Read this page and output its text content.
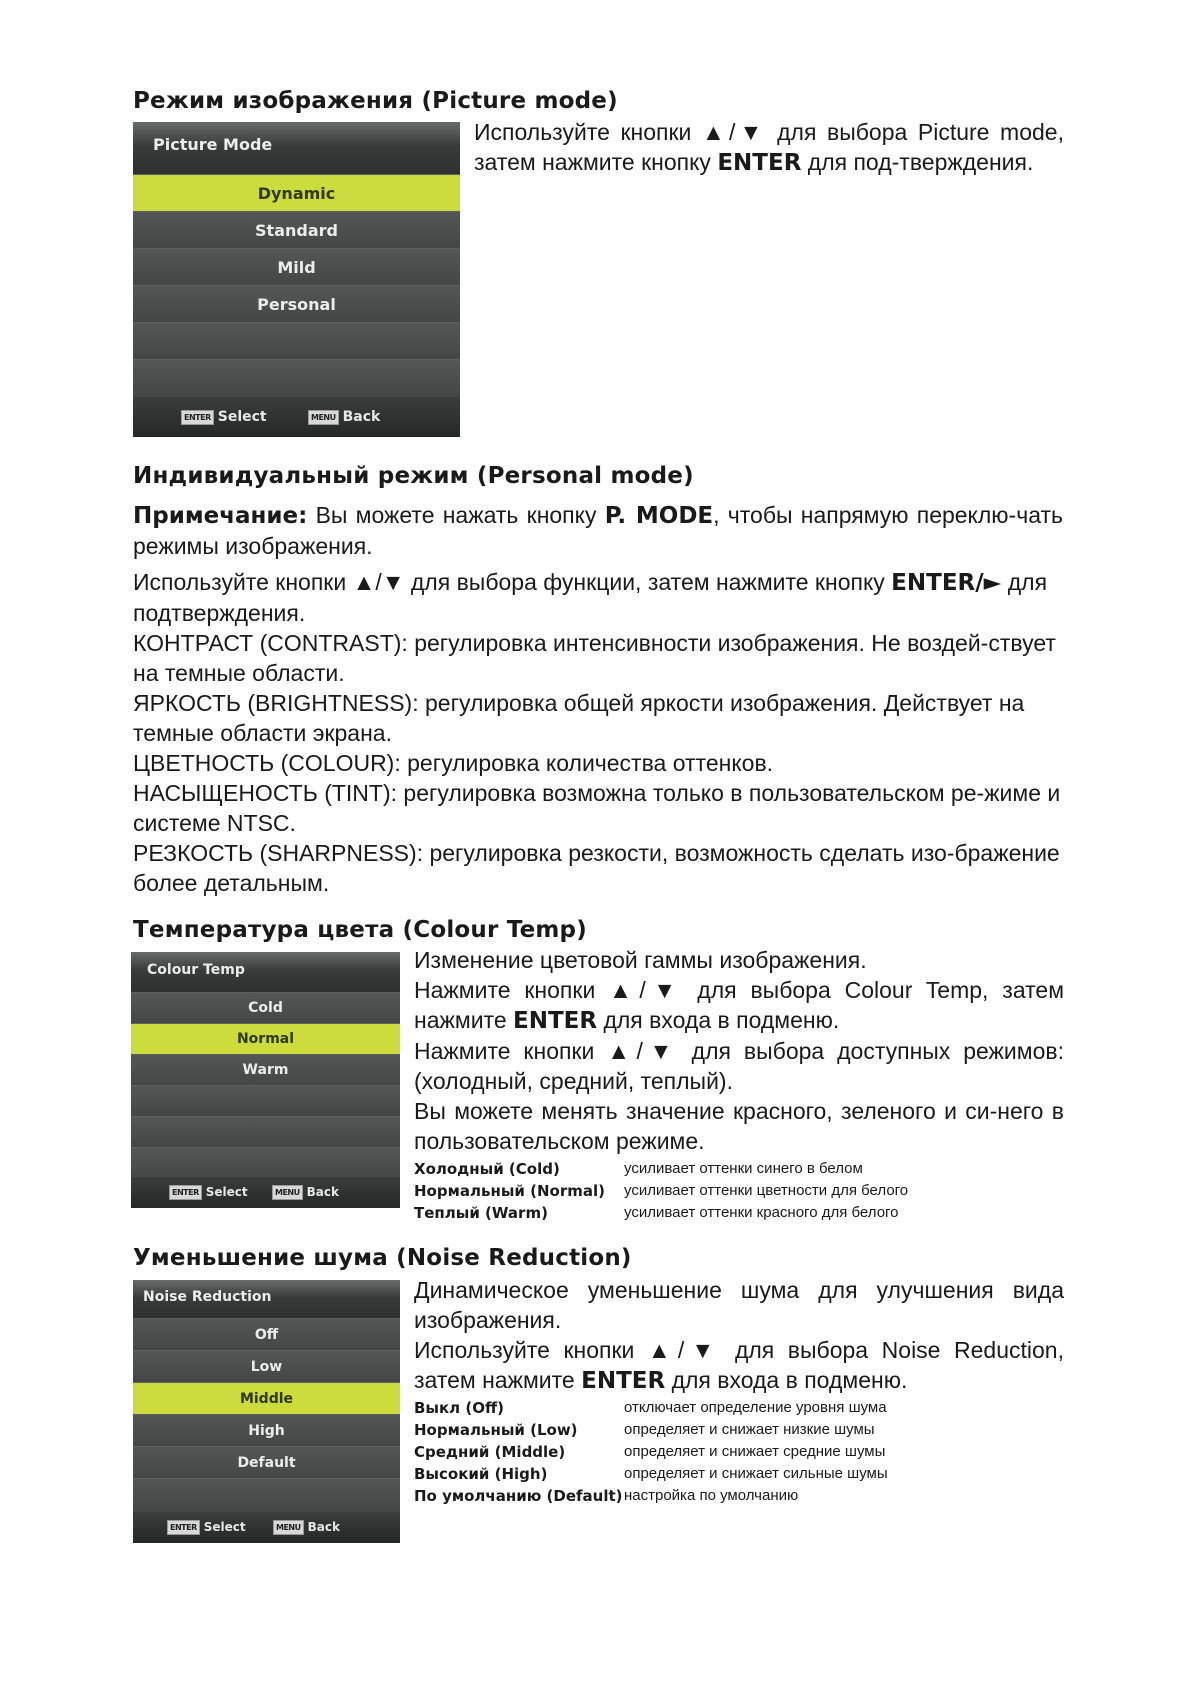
Режим изображения (Picture mode)
Picture Mode
Dynamic
Standard
Mild
Personal
ENTER Select	MENU Back
Используйте кнопки ▲/▼ для выбора Picture mode, затем нажмите кнопку ENTER для под-тверждения.
Индивидуальный режим (Personal mode)
Примечание: Вы можете нажать кнопку P. MODE, чтобы напрямую переклю-чать режимы изображения.
Используйте кнопки ▲/▼ для выбора функции, затем нажмите кнопку ENTER/► для подтверждения.
КОНТРАСТ (CONTRAST): регулировка интенсивности изображения. Не воздей-ствует на темные области.
ЯРКОСТЬ (BRIGHTNESS): регулировка общей яркости изображения. Действует на темные области экрана.
ЦВЕТНОСТЬ (COLOUR): регулировка количества оттенков.
НАСЫЩЕНОСТЬ (TINT): регулировка возможна только в пользовательском ре-жиме и системе NTSC.
РЕЗКОСТЬ (SHARPNESS): регулировка резкости, возможность сделать изо-бражение более детальным.
Температура цвета (Colour Temp)
Colour Temp
Cold
Normal
Warm
ENTER Select	MENU Back
Изменение цветовой гаммы изображения.
Нажмите кнопки ▲/▼ для выбора Colour Temp, затем нажмите ENTER для входа в подменю.
Нажмите кнопки ▲/▼ для выбора доступных режимов: (холодный, средний, теплый).
Вы можете менять значение красного, зеленого и си-него в пользовательском режиме.
Холодный (Cold)	усиливает оттенки синего в белом
Нормальный (Normal) усиливает оттенки цветности для белого
Теплый (Warm)	усиливает оттенки красного для белого
Уменьшение шума (Noise Reduction)
Noise Reduction
Off
Low
Middle
High
Default
ENTER Select	MENU Back
Динамическое уменьшение шума для улучшения вида изображения.
Используйте кнопки ▲/▼ для выбора Noise Reduction, затем нажмите ENTER для входа в подменю.
Выкл (Off)	отключает определение уровня шума
Нормальный (Low)	определяет и снижает низкие шумы
Средний (Middle)	определяет и снижает средние шумы
Высокий (High)	определяет и снижает сильные шумы
По умолчанию (Default) настройка по умолчанию
